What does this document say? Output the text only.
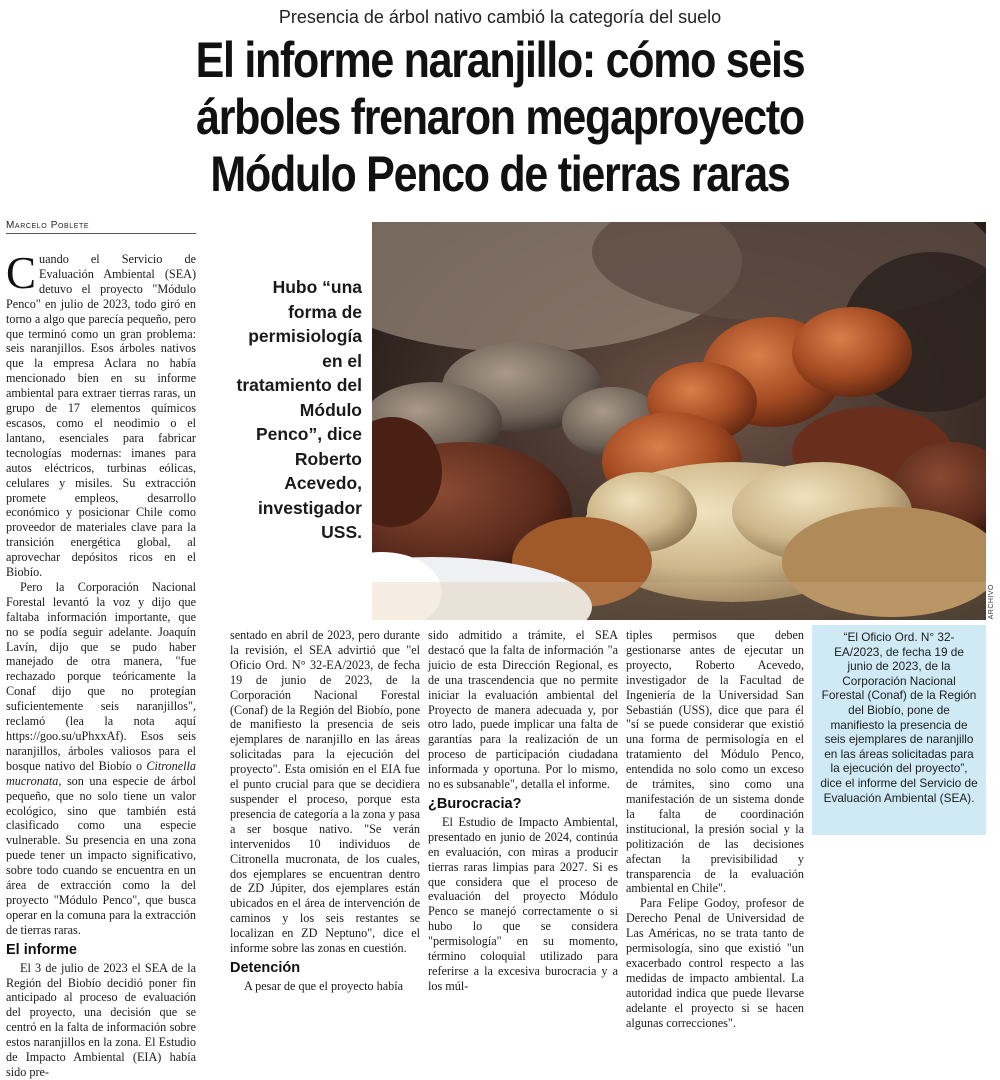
Presencia de árbol nativo cambió la categoría del suelo
El informe naranjillo: cómo seis árboles frenaron megaproyecto Módulo Penco de tierras raras
Marcelo Poblete

Cuando el Servicio de Evaluación Ambiental (SEA) detuvo el proyecto "Módulo Penco" en julio de 2023, todo giró en torno a algo que parecía pequeño, pero que terminó como un gran problema: seis naranjillos. Esos árboles nativos que la empresa Aclara no había mencionado bien en su informe ambiental para extraer tierras raras, un grupo de 17 elementos químicos escasos, como el neodimio o el lantano, esenciales para fabricar tecnologías modernas: imanes para autos eléctricos, turbinas eólicas, celulares y misiles. Su extracción promete empleos, desarrollo económico y posicionar Chile como proveedor de materiales clave para la transición energética global, al aprovechar depósitos ricos en el Biobío.

Pero la Corporación Nacional Forestal levantó la voz y dijo que faltaba información importante, que no se podía seguir adelante. Joaquín Lavín, dijo que se pudo haber manejado de otra manera, "fue rechazado porque teóricamente la Conaf dijo que no protegían suficientemente seis naranjillos", reclamó (lea la nota aquí https://goo.su/uPhxxAf). Esos seis naranjillos, árboles valiosos para el bosque nativo del Biobío o Citronella mucronata, son una especie de árbol pequeño, que no solo tiene un valor ecológico, sino que también está clasificado como una especie vulnerable. Su presencia en una zona puede tener un impacto significativo, sobre todo cuando se encuentra en un área de extracción como la del proyecto "Módulo Penco", que busca operar en la comuna para la extracción de tierras raras.

El informe

El 3 de julio de 2023 el SEA de la Región del Biobío decidió poner fin anticipado al proceso de evaluación del proyecto, una decisión que se centró en la falta de información sobre estos naranjillos en la zona. El Estudio de Impacto Ambiental (EIA) había sido pre-

Hubo “una forma de permisiología en el tratamiento del Módulo Penco”, dice Roberto Acevedo, investigador USS.
ARCHIVO

sentado en abril de 2023, pero durante la revisión, el SEA advirtió que "el Oficio Ord. N° 32-EA/2023, de fecha 19 de junio de 2023, de la Corporación Nacional Forestal (Conaf) de la Región del Biobío, pone de manifiesto la presencia de seis ejemplares de naranjillo en las áreas solicitadas para la ejecución del proyecto". Esta omisión en el EIA fue el punto crucial para que se decidiera suspender el proceso, porque esta presencia de categoría a la zona y pasa a ser bosque nativo. "Se verán intervenidos 10 individuos de Citronella mucronata, de los cuales, dos ejemplares se encuentran dentro de ZD Júpiter, dos ejemplares están ubicados en el área de intervención de caminos y los seis restantes se localizan en ZD Neptuno", dice el informe sobre las zonas en cuestión.

Detención

A pesar de que el proyecto había

sido admitido a trámite, el SEA destacó que la falta de información "a juicio de esta Dirección Regional, es de una trascendencia que no permite iniciar la evaluación ambiental del Proyecto de manera adecuada y, por otro lado, puede implicar una falta de garantías para la realización de un proceso de participación ciudadana informada y oportuna. Por lo mismo, no es subsanable", detalla el informe.

¿Burocracia?

El Estudio de Impacto Ambiental, presentado en junio de 2024, continúa en evaluación, con miras a producir tierras raras limpias para 2027. Si es que considera que el proceso de evaluación del proyecto Módulo Penco se manejó correctamente o si hubo lo que se considera "permisología" en su momento, término coloquial utilizado para referirse a la excesiva burocracia y a los múl-

tiples permisos que deben gestionarse antes de ejecutar un proyecto, Roberto Acevedo, investigador de la Facultad de Ingeniería de la Universidad San Sebastián (USS), dice que para él "sí se puede considerar que existió una forma de permisología en el tratamiento del Módulo Penco, entendida no solo como un exceso de trámites, sino como una manifestación de un sistema donde la falta de coordinación institucional, la presión social y la politización de las decisiones afectan la previsibilidad y transparencia de la evaluación ambiental en Chile".

Para Felipe Godoy, profesor de Derecho Penal de Universidad de Las Américas, no se trata tanto de permisología, sino que existió "un exacerbado control respecto a las medidas de impacto ambiental. La autoridad indica que puede llevarse adelante el proyecto si se hacen algunas correcciones".

“El Oficio Ord. N° 32-EA/2023, de fecha 19 de junio de 2023, de la Corporación Nacional Forestal (Conaf) de la Región del Biobío, pone de manifiesto la presencia de seis ejemplares de naranjillo en las áreas solicitadas para la ejecución del proyecto”, dice el informe del Servicio de Evaluación Ambiental (SEA).
